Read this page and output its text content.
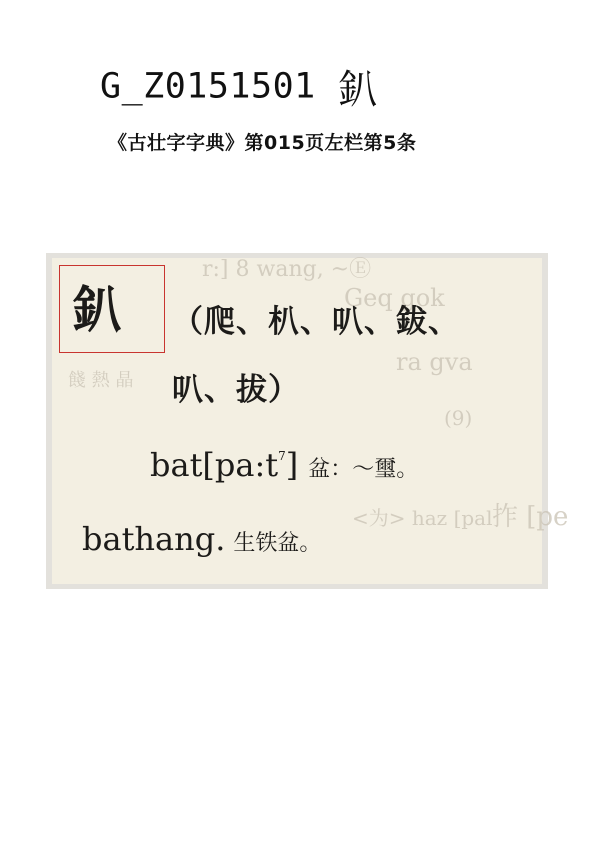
G_Z0151501 釟
《古壮字字典》第015页左栏第5条
r:] 8 wang, ~Ⓔ
Geq gok
ra gva
(9)
<为> haz [pal
餞 熱 晶
拃 [pe
釟 （爬、朳、叭、鈸、
叭、拔）
$bat[pa:t^7]$ 盆：～璽。
bathang. 生铁盆。
